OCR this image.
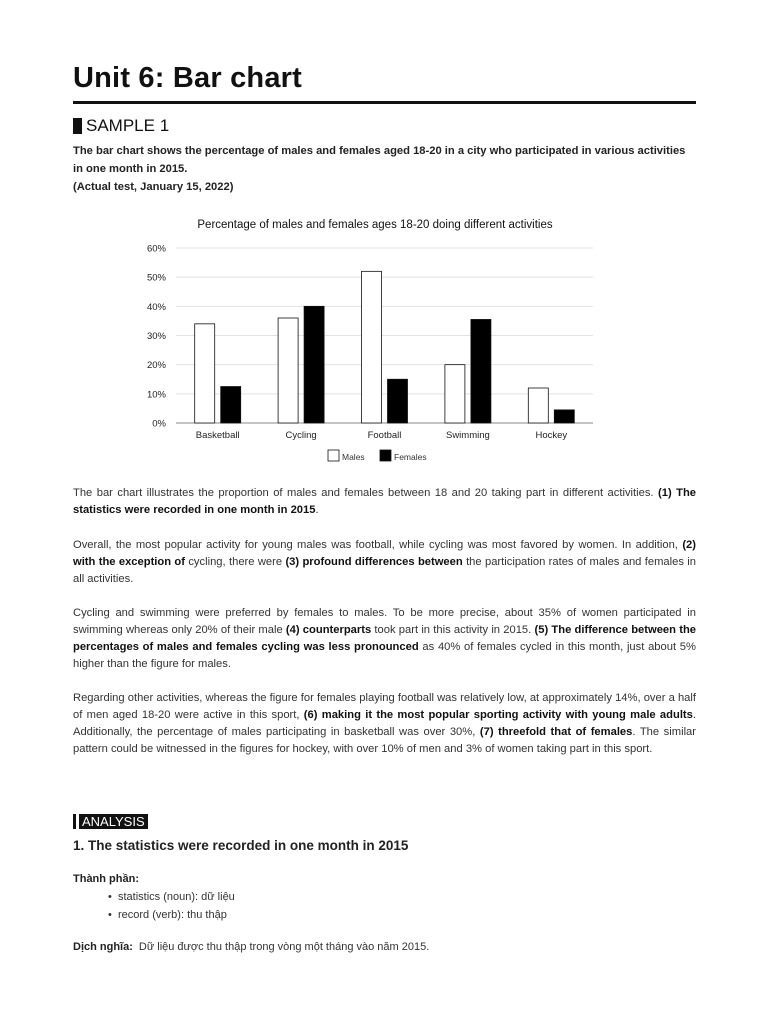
Unit 6: Bar chart
SAMPLE 1

The bar chart shows the percentage of males and females aged 18-20 in a city who participated in various activities
in one month in 2015.
(Actual test, January 15, 2022)

Percentage of males and females ages 18-20 doing different activities
0%
10%
20%
30%
40%
50%
60%
Basketball	Cycling	Football	Swimming	Hockey
Males	Females

The bar chart illustrates the proportion of males and females between 18 and 20 taking part in different activities. (1) The statistics were recorded in one month in 2015.

Overall, the most popular activity for young males was football, while cycling was most favored by women. In addition, (2) with the exception of cycling, there were (3) profound differences between the participation rates of males and females in all activities.

Cycling and swimming were preferred by females to males. To be more precise, about 35% of women participated in swimming whereas only 20% of their male (4) counterparts took part in this activity in 2015. (5) The difference between the percentages of males and females cycling was less pronounced as 40% of females cycled in this month, just about 5% higher than the figure for males.

Regarding other activities, whereas the figure for females playing football was relatively low, at approximately 14%, over a half of men aged 18-20 were active in this sport, (6) making it the most popular sporting activity with young male adults. Additionally, the percentage of males participating in basketball was over 30%, (7) threefold that of females. The similar pattern could be witnessed in the figures for hockey, with over 10% of men and 3% of women taking part in this sport.

ANALYSIS
1. The statistics were recorded in one month in 2015
Thành phần:
• statistics (noun): dữ liệu
• record (verb): thu thập
Dịch nghĩa: Dữ liệu được thu thập trong vòng một tháng vào năm 2015.
